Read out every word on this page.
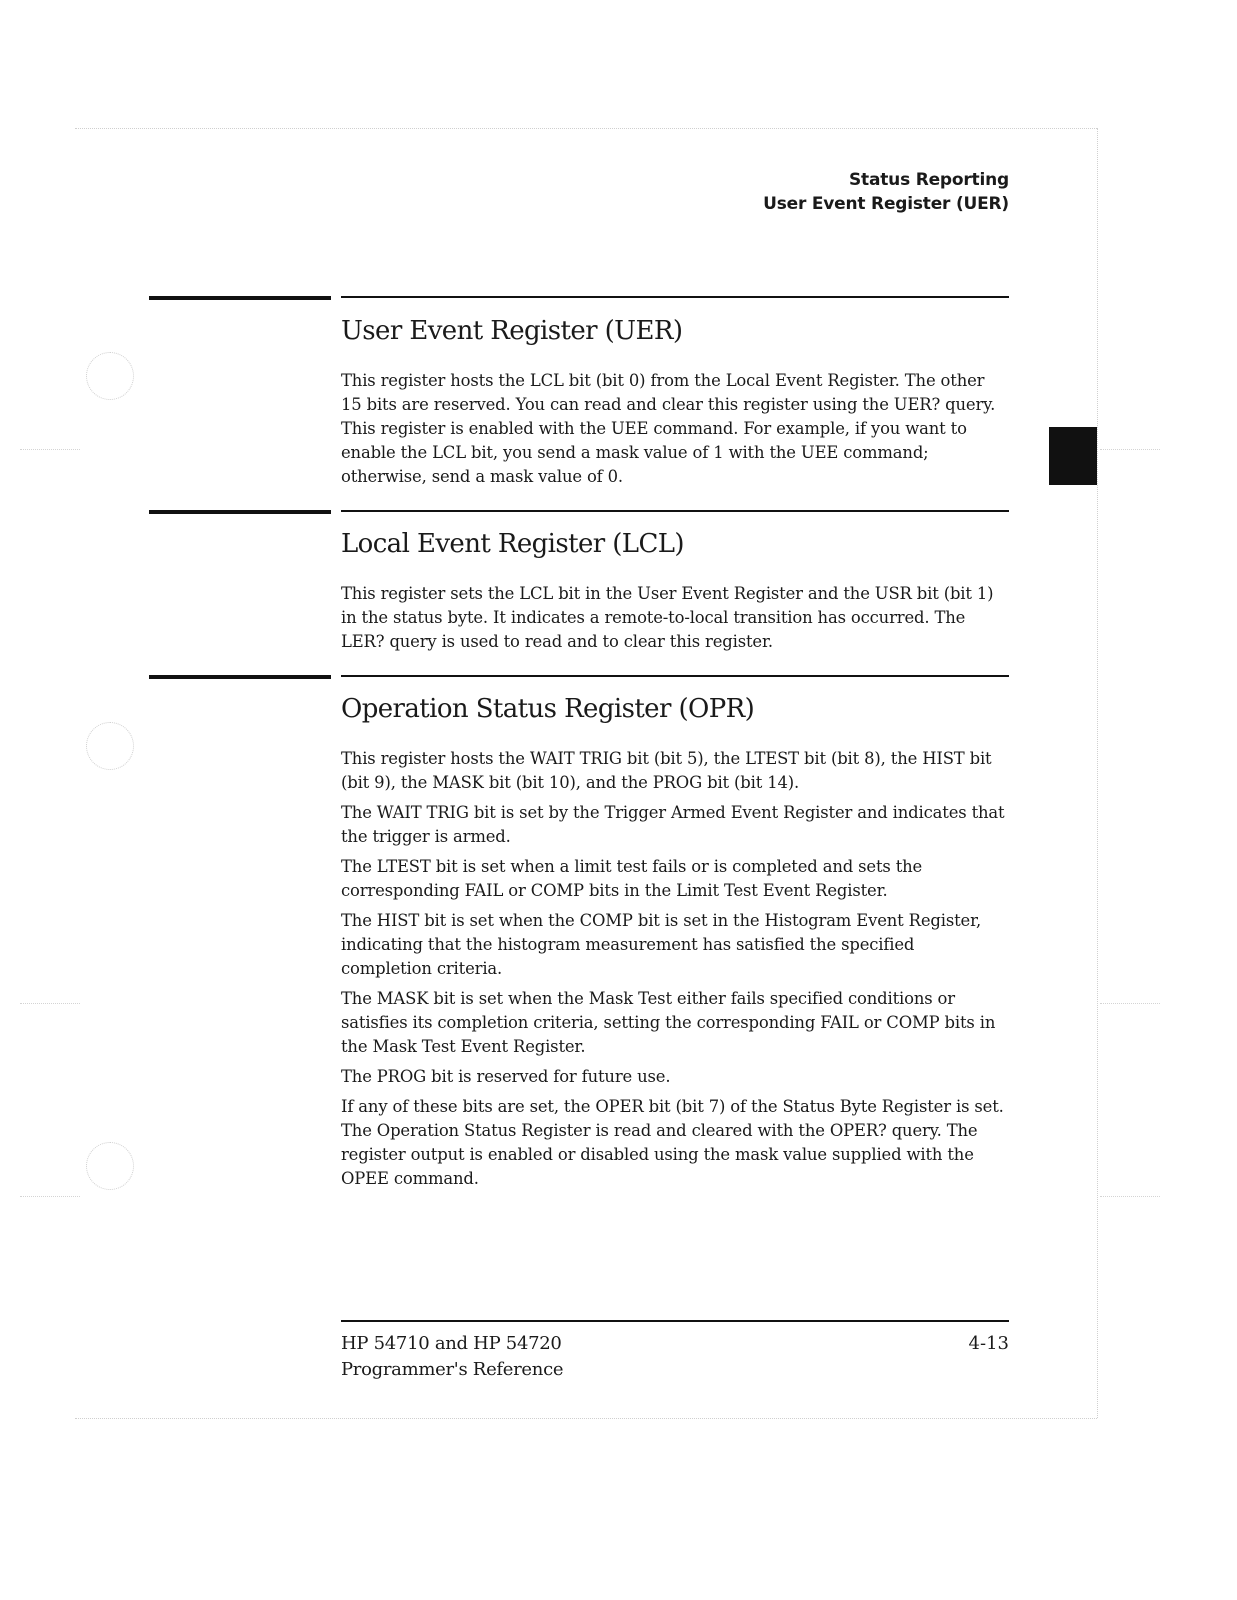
Status Reporting
User Event Register (UER)
User Event Register (UER)

This register hosts the LCL bit (bit 0) from the Local Event Register. The other 15 bits are reserved. You can read and clear this register using the UER? query. This register is enabled with the UEE command. For example, if you want to enable the LCL bit, you send a mask value of 1 with the UEE command; otherwise, send a mask value of 0.

Local Event Register (LCL)

This register sets the LCL bit in the User Event Register and the USR bit (bit 1) in the status byte. It indicates a remote-to-local transition has occurred. The LER? query is used to read and to clear this register.

Operation Status Register (OPR)

This register hosts the WAIT TRIG bit (bit 5), the LTEST bit (bit 8), the HIST bit (bit 9), the MASK bit (bit 10), and the PROG bit (bit 14).

The WAIT TRIG bit is set by the Trigger Armed Event Register and indicates that the trigger is armed.

The LTEST bit is set when a limit test fails or is completed and sets the corresponding FAIL or COMP bits in the Limit Test Event Register.

The HIST bit is set when the COMP bit is set in the Histogram Event Register, indicating that the histogram measurement has satisfied the specified completion criteria.

The MASK bit is set when the Mask Test either fails specified conditions or satisfies its completion criteria, setting the corresponding FAIL or COMP bits in the Mask Test Event Register.

The PROG bit is reserved for future use.

If any of these bits are set, the OPER bit (bit 7) of the Status Byte Register is set. The Operation Status Register is read and cleared with the OPER? query. The register output is enabled or disabled using the mask value supplied with the OPEE command.

HP 54710 and HP 54720
Programmer's Reference
4-13
